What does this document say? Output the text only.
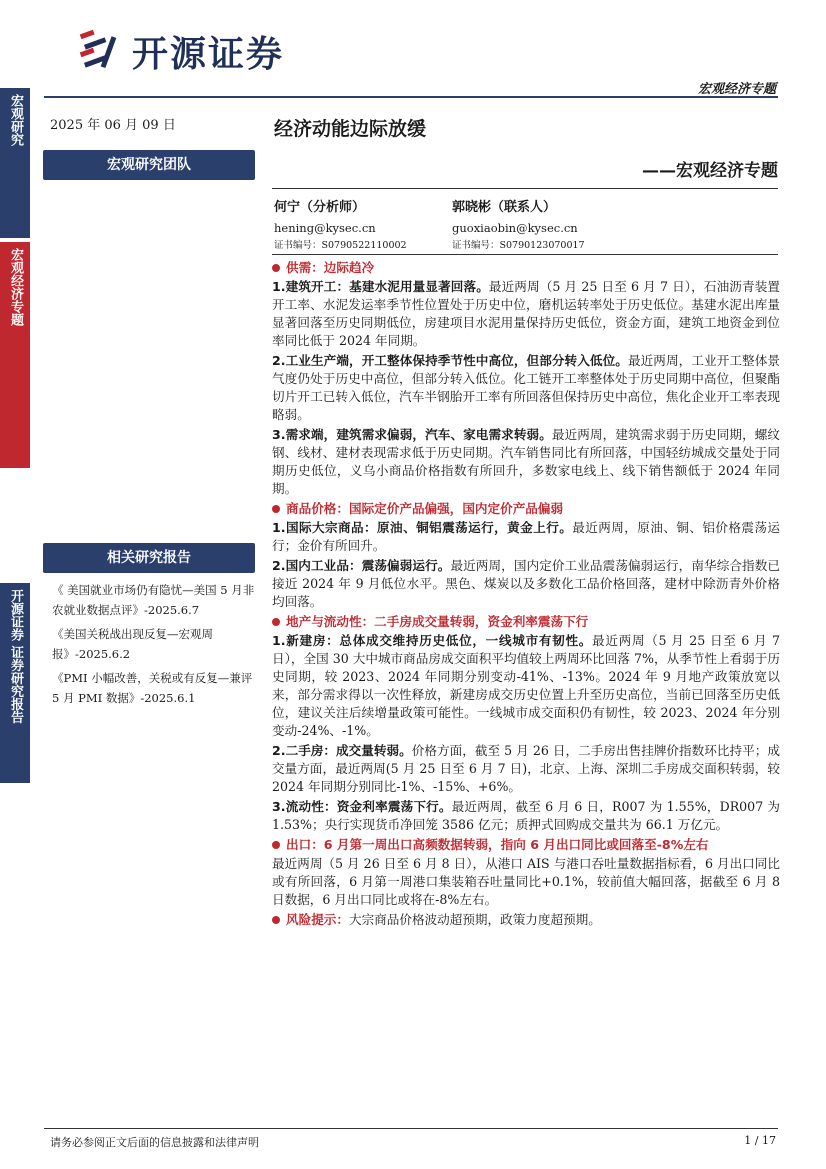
宏观研究
宏观经济专题
开源证券 证券研究报告
开源证券
宏观经济专题
2025 年 06 月 09 日
宏观研究团队
相关研究报告
《 美国就业市场仍有隐忧—美国 5 月非农就业数据点评》-2025.6.7
《美国关税战出现反复—宏观周报》-2025.6.2
《PMI 小幅改善，关税或有反复—兼评 5 月 PMI 数据》-2025.6.1
经济动能边际放缓
——宏观经济专题
何宁（分析师）
hening@kysec.cn
证书编号：S0790522110002
郭晓彬（联系人）
guoxiaobin@kysec.cn
证书编号：S0790123070017
供需：边际趋冷
1.建筑开工：基建水泥用量显著回落。最近两周（5 月 25 日至 6 月 7 日），石油沥青装置开工率、水泥发运率季节性位置处于历史中位，磨机运转率处于历史低位。基建水泥出库量显著回落至历史同期低位，房建项目水泥用量保持历史低位，资金方面，建筑工地资金到位率同比低于 2024 年同期。
2.工业生产端，开工整体保持季节性中高位，但部分转入低位。最近两周，工业开工整体景气度仍处于历史中高位，但部分转入低位。化工链开工率整体处于历史同期中高位，但聚酯切片开工已转入低位，汽车半钢胎开工率有所回落但保持历史中高位，焦化企业开工率表现略弱。
3.需求端，建筑需求偏弱，汽车、家电需求转弱。最近两周，建筑需求弱于历史同期，螺纹钢、线材、建材表现需求低于历史同期。汽车销售同比有所回落，中国轻纺城成交量处于同期历史低位，义乌小商品价格指数有所回升，多数家电线上、线下销售额低于 2024 年同期。
商品价格：国际定价产品偏强，国内定价产品偏弱
1.国际大宗商品：原油、铜铝震荡运行，黄金上行。最近两周，原油、铜、铝价格震荡运行；金价有所回升。
2.国内工业品：震荡偏弱运行。最近两周，国内定价工业品震荡偏弱运行，南华综合指数已接近 2024 年 9 月低位水平。黑色、煤炭以及多数化工品价格回落，建材中除沥青外价格均回落。
地产与流动性：二手房成交量转弱，资金利率震荡下行
1.新建房：总体成交维持历史低位，一线城市有韧性。最近两周（5 月 25 日至 6 月 7 日），全国 30 大中城市商品房成交面积平均值较上两周环比回落 7%，从季节性上看弱于历史同期，较 2023、2024 年同期分别变动-41%、-13%。2024 年 9 月地产政策放宽以来，部分需求得以一次性释放，新建房成交历史位置上升至历史高位，当前已回落至历史低位，建议关注后续增量政策可能性。一线城市成交面积仍有韧性，较 2023、2024 年分别变动-24%、-1%。
2.二手房：成交量转弱。价格方面，截至 5 月 26 日，二手房出售挂牌价指数环比持平；成交量方面，最近两周(5 月 25 日至 6 月 7 日)，北京、上海、深圳二手房成交面积转弱，较 2024 年同期分别同比-1%、-15%、+6%。
3.流动性：资金利率震荡下行。最近两周，截至 6 月 6 日，R007 为 1.55%，DR007 为 1.53%；央行实现货币净回笼 3586 亿元；质押式回购成交量共为 66.1 万亿元。
出口：6 月第一周出口高频数据转弱，指向 6 月出口同比或回落至-8%左右
最近两周（5 月 26 日至 6 月 8 日），从港口 AIS 与港口吞吐量数据指标看，6 月出口同比或有所回落，6 月第一周港口集装箱吞吐量同比+0.1%，较前值大幅回落，据截至 6 月 8 日数据，6 月出口同比或将在-8%左右。
风险提示： 大宗商品价格波动超预期，政策力度超预期。
请务必参阅正文后面的信息披露和法律声明	1 / 17
